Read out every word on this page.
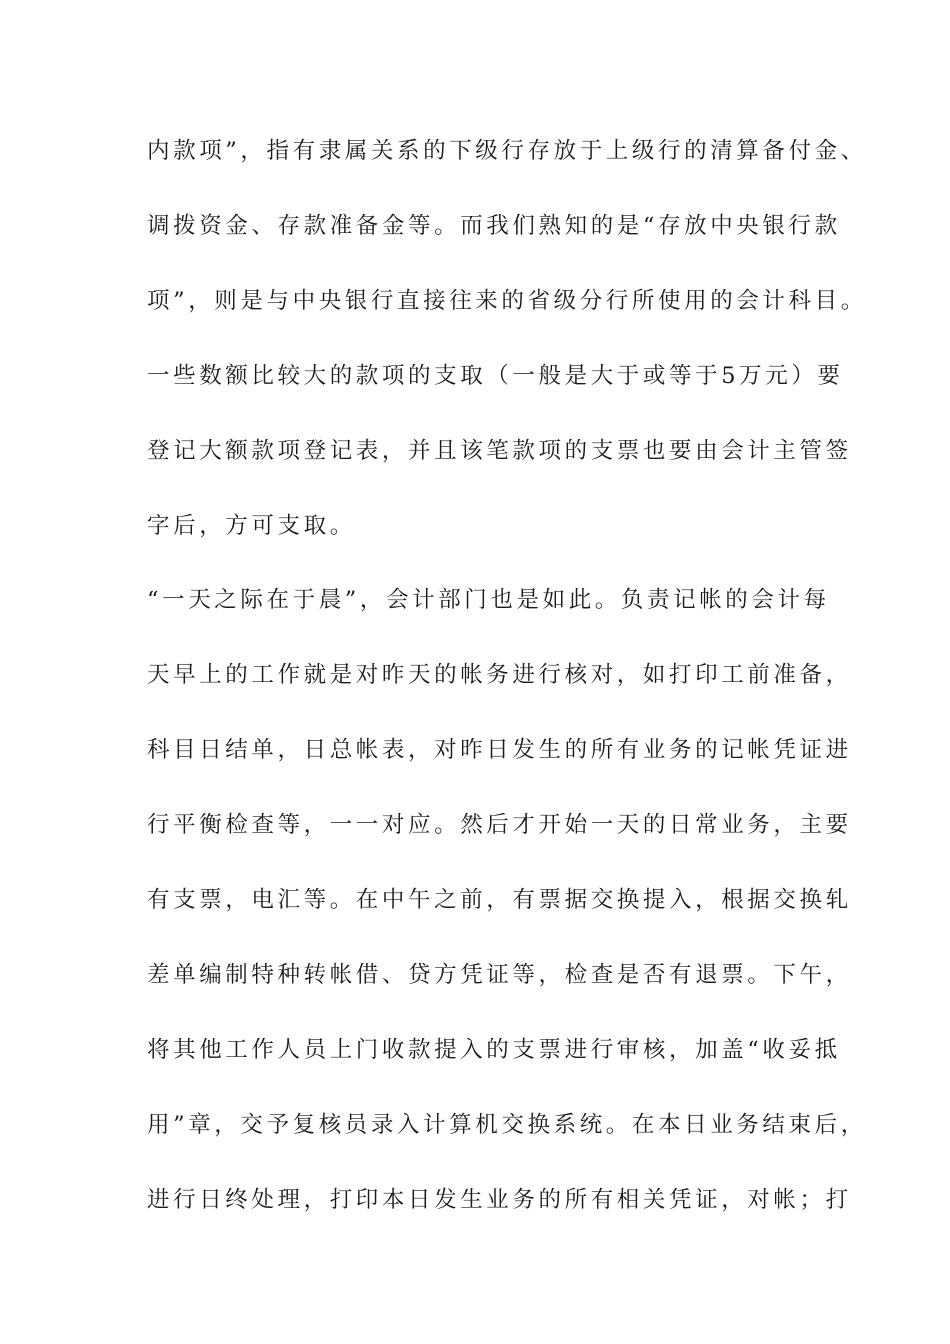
内款项”，指有隶属关系的下级行存放于上级行的清算备付金、
调拨资金、存款准备金等。而我们熟知的是“存放中央银行款
项”，则是与中央银行直接往来的省级分行所使用的会计科目。
一些数额比较大的款项的支取（一般是大于或等于5万元）要
登记大额款项登记表，并且该笔款项的支票也要由会计主管签
字后，方可支取。
“一天之际在于晨”，会计部门也是如此。负责记帐的会计每
天早上的工作就是对昨天的帐务进行核对，如打印工前准备，
科目日结单，日总帐表，对昨日发生的所有业务的记帐凭证进
行平衡检查等，一一对应。然后才开始一天的日常业务，主要
有支票，电汇等。在中午之前，有票据交换提入，根据交换轧
差单编制特种转帐借、贷方凭证等，检查是否有退票。下午，
将其他工作人员上门收款提入的支票进行审核，加盖“收妥抵
用”章，交予复核员录入计算机交换系统。在本日业务结束后，
进行日终处理，打印本日发生业务的所有相关凭证，对帐；打
